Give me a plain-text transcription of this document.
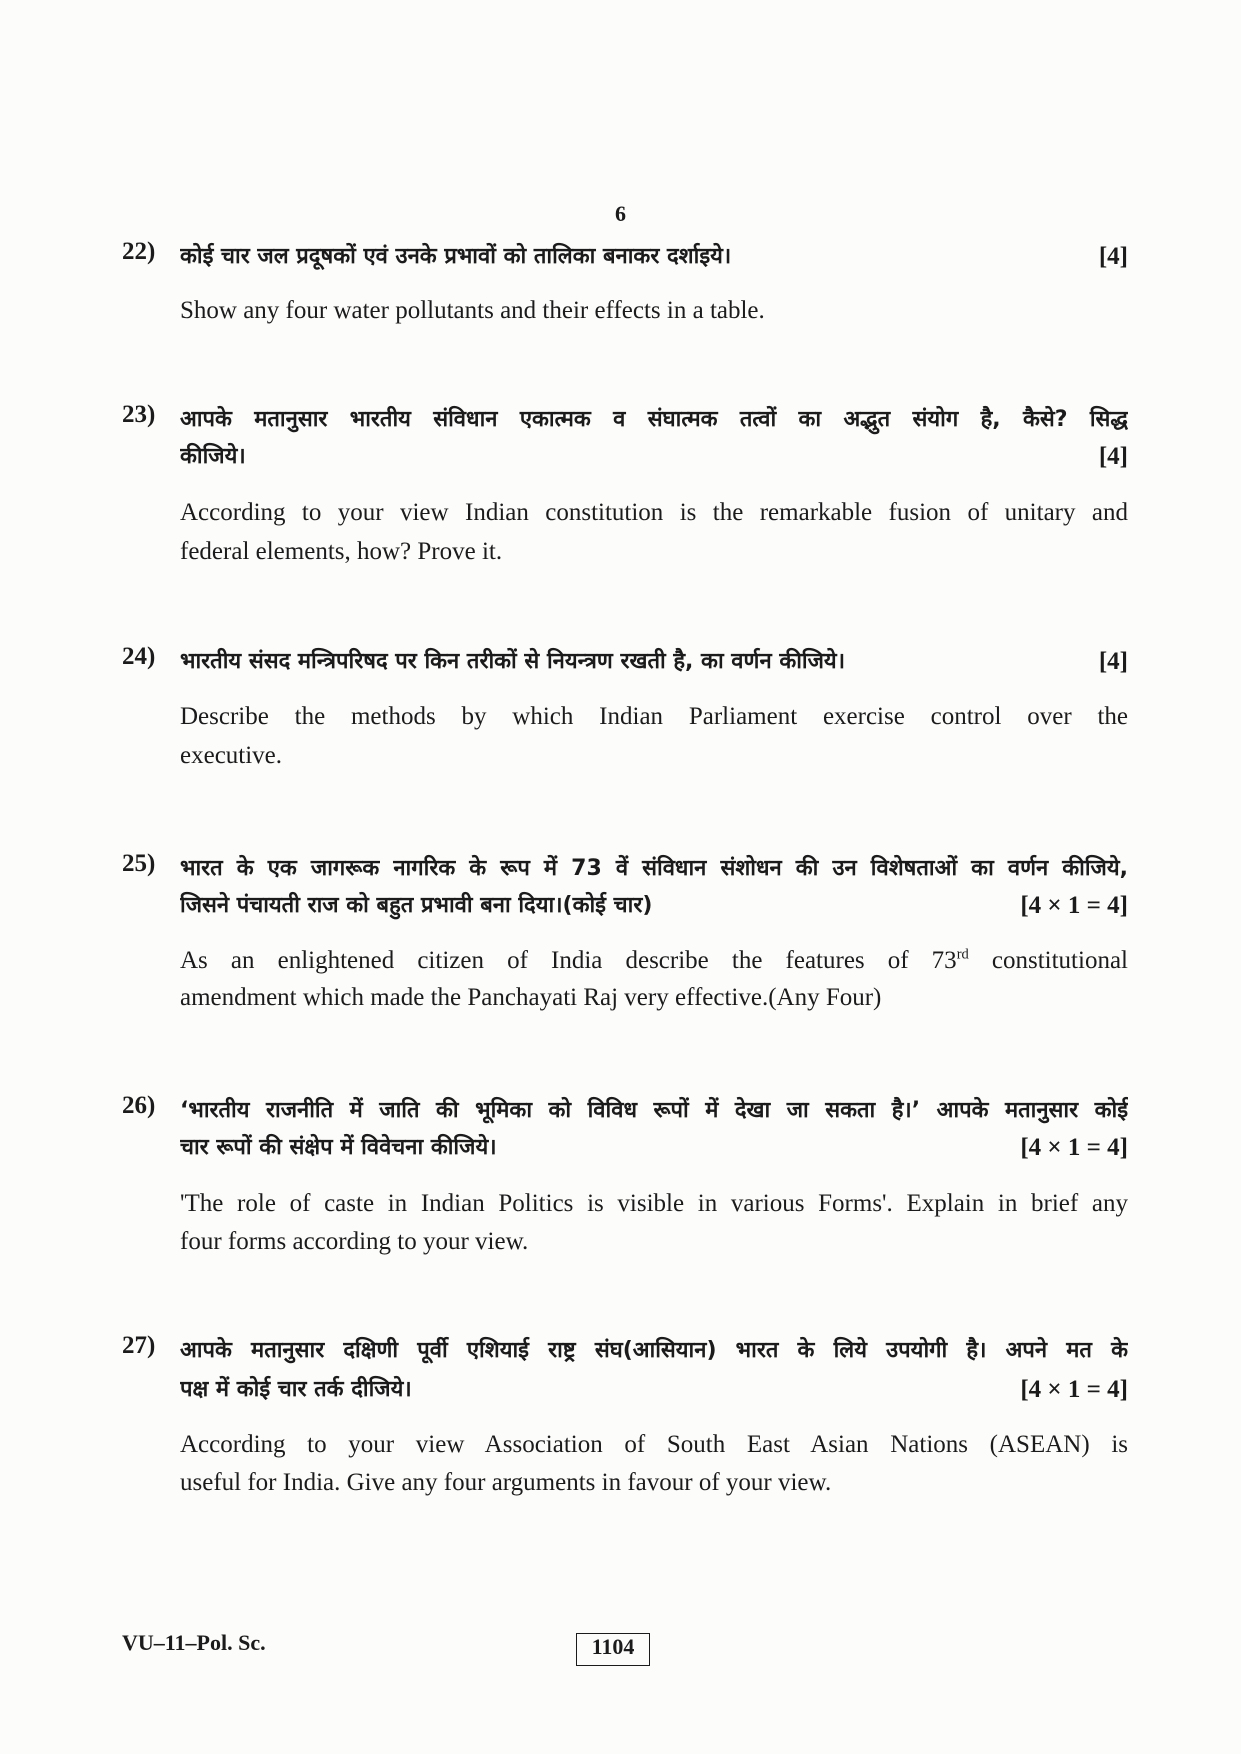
6
22)	कोई चार जल प्रदूषकों एवं उनके प्रभावों को तालिका बनाकर दर्शाइये।	[4]
Show any four water pollutants and their effects in a table.
23)	आपके मतानुसार भारतीय संविधान एकात्मक व संघात्मक तत्वों का अद्भुत संयोग है, कैसे? सिद्ध
कीजिये।	[4]
According to your view Indian constitution is the remarkable fusion of unitary and
federal elements, how? Prove it.
24)	भारतीय संसद मन्त्रिपरिषद पर किन तरीकों से नियन्त्रण रखती है, का वर्णन कीजिये।	[4]
Describe the methods by which Indian Parliament exercise control over the
executive.
25)	भारत के एक जागरूक नागरिक के रूप में 73 वें संविधान संशोधन की उन विशेषताओं का वर्णन कीजिये,
जिसने पंचायती राज को बहुत प्रभावी बना दिया।(कोई चार)	[4 × 1 = 4]
As an enlightened citizen of India describe the features of 73rd constitutional
amendment which made the Panchayati Raj very effective.(Any Four)
26)	‘भारतीय राजनीति में जाति की भूमिका को विविध रूपों में देखा जा सकता है।’ आपके मतानुसार कोई
चार रूपों की संक्षेप में विवेचना कीजिये।	[4 × 1 = 4]
'The role of caste in Indian Politics is visible in various Forms'. Explain in brief any
four forms according to your view.
27)	आपके मतानुसार दक्षिणी पूर्वी एशियाई राष्ट्र संघ(आसियान) भारत के लिये उपयोगी है। अपने मत के
पक्ष में कोई चार तर्क दीजिये।	[4 × 1 = 4]
According to your view Association of South East Asian Nations (ASEAN) is
useful for India. Give any four arguments in favour of your view.
VU–11–Pol. Sc.	1104
